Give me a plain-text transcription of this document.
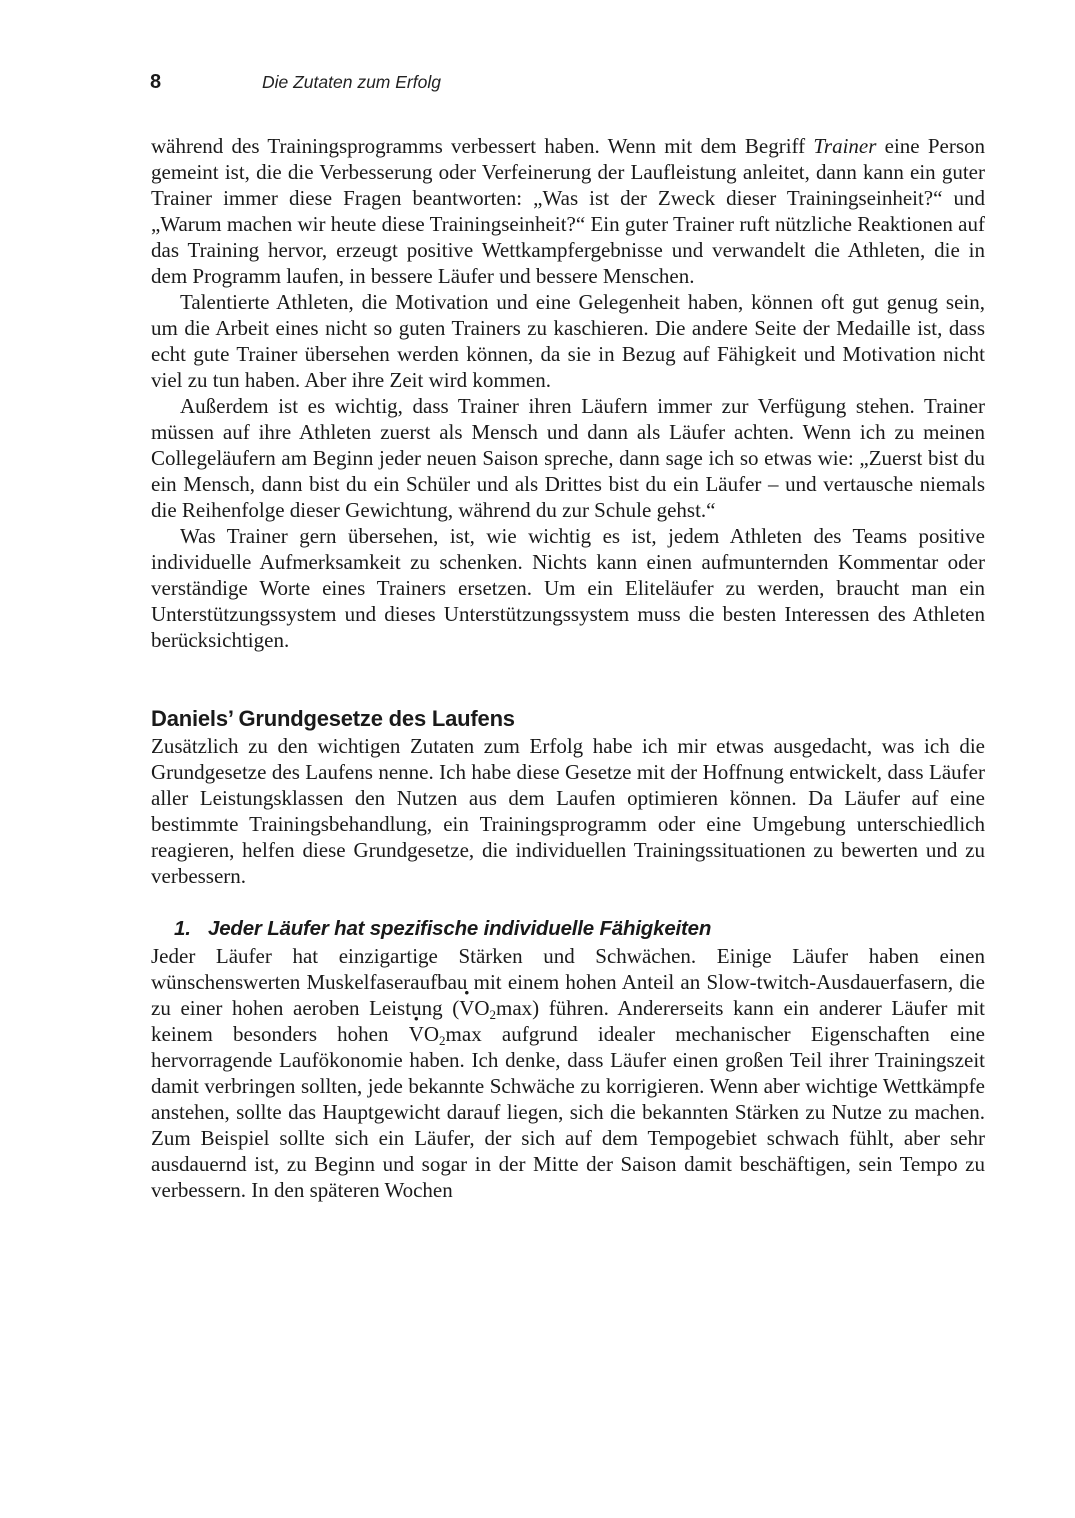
8	Die Zutaten zum Erfolg

während des Trainingsprogramms verbessert haben. Wenn mit dem Begriff Trainer eine Person gemeint ist, die die Verbesserung oder Verfeinerung der Laufleistung anleitet, dann kann ein guter Trainer immer diese Fragen beantworten: „Was ist der Zweck dieser Trainingseinheit?“ und „Warum machen wir heute diese Trainingseinheit?“ Ein guter Trainer ruft nützliche Reaktionen auf das Training hervor, erzeugt positive Wettkampfergebnisse und verwandelt die Athleten, die in dem Programm laufen, in bessere Läufer und bessere Menschen.

Talentierte Athleten, die Motivation und eine Gelegenheit haben, können oft gut genug sein, um die Arbeit eines nicht so guten Trainers zu kaschieren. Die andere Seite der Medaille ist, dass echt gute Trainer übersehen werden können, da sie in Bezug auf Fähigkeit und Motivation nicht viel zu tun haben. Aber ihre Zeit wird kommen.

Außerdem ist es wichtig, dass Trainer ihren Läufern immer zur Verfügung stehen. Trainer müssen auf ihre Athleten zuerst als Mensch und dann als Läufer achten. Wenn ich zu meinen Collegeläufern am Beginn jeder neuen Saison spreche, dann sage ich so etwas wie: „Zuerst bist du ein Mensch, dann bist du ein Schüler und als Drittes bist du ein Läufer – und vertausche niemals die Reihenfolge dieser Gewichtung, während du zur Schule gehst.“

Was Trainer gern übersehen, ist, wie wichtig es ist, jedem Athleten des Teams positive individuelle Aufmerksamkeit zu schenken. Nichts kann einen aufmunternden Kommentar oder verständige Worte eines Trainers ersetzen. Um ein Eliteläufer zu werden, braucht man ein Unterstützungssystem und dieses Unterstützungssystem muss die besten Interessen des Athleten berücksichtigen.

Daniels’ Grundgesetze des Laufens

Zusätzlich zu den wichtigen Zutaten zum Erfolg habe ich mir etwas ausgedacht, was ich die Grundgesetze des Laufens nenne. Ich habe diese Gesetze mit der Hoffnung entwickelt, dass Läufer aller Leistungsklassen den Nutzen aus dem Laufen optimieren können. Da Läufer auf eine bestimmte Trainingsbehandlung, ein Trainingsprogramm oder eine Umgebung unterschiedlich reagieren, helfen diese Grundgesetze, die individuellen Trainingssituationen zu bewerten und zu verbessern.

1. Jeder Läufer hat spezifische individuelle Fähigkeiten

Jeder Läufer hat einzigartige Stärken und Schwächen. Einige Läufer haben einen wünschenswerten Muskelfaseraufbau mit einem hohen Anteil an Slow-twitch-Ausdauerfasern, die zu einer hohen aeroben Leistung (· VO2max) führen. Andererseits kann ein anderer Läufer mit keinem besonders hohen · VO2max aufgrund idealer mechanischer Eigenschaften eine hervorragende Laufökonomie haben. Ich denke, dass Läufer einen großen Teil ihrer Trainingszeit damit verbringen sollten, jede bekannte Schwäche zu korrigieren. Wenn aber wichtige Wettkämpfe anstehen, sollte das Hauptgewicht darauf liegen, sich die bekannten Stärken zu Nutze zu machen. Zum Beispiel sollte sich ein Läufer, der sich auf dem Tempogebiet schwach fühlt, aber sehr ausdauernd ist, zu Beginn und sogar in der Mitte der Saison damit beschäftigen, sein Tempo zu verbessern. In den späteren Wochen
